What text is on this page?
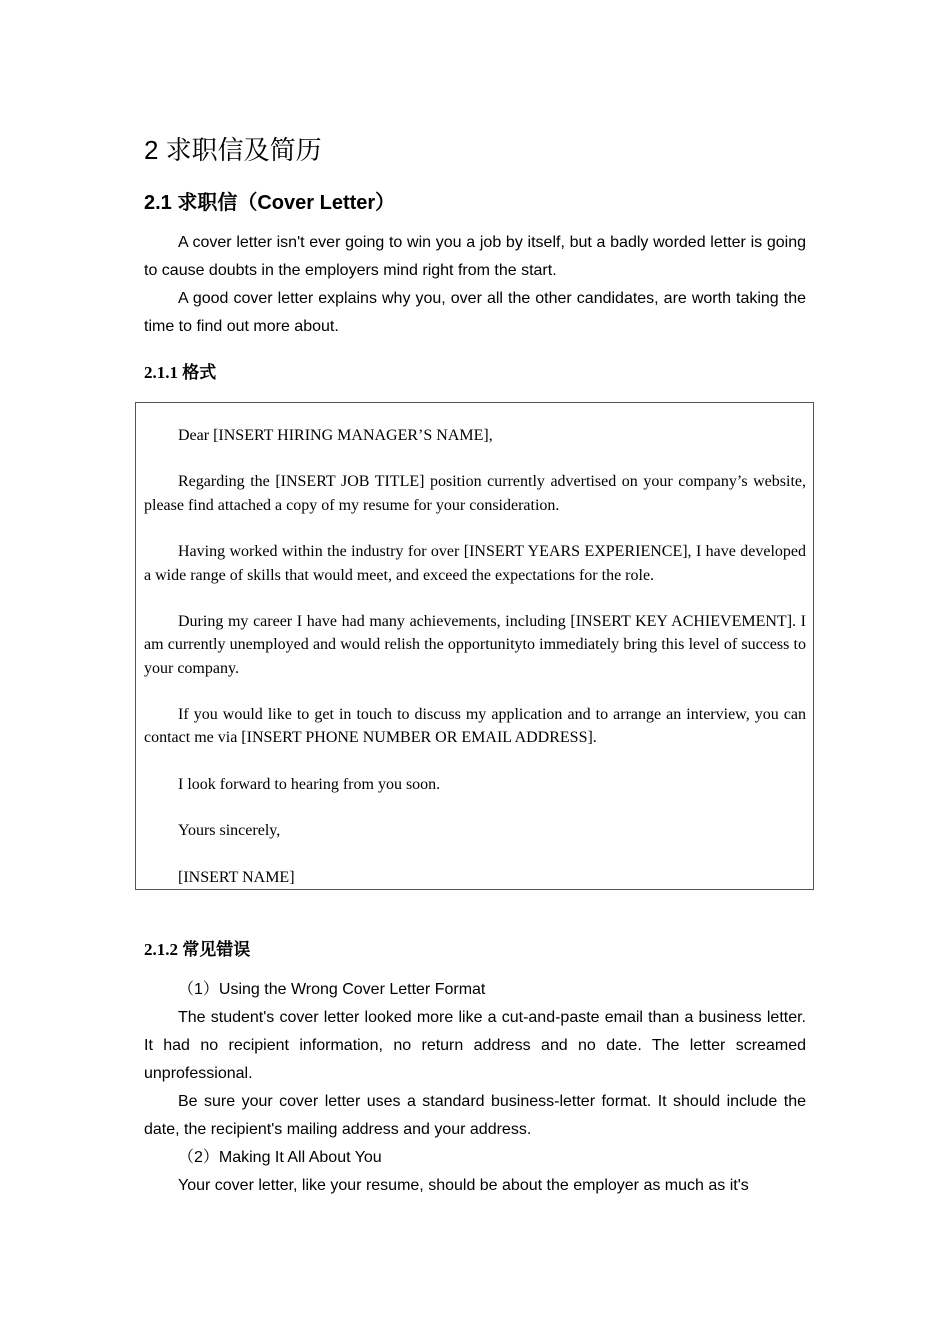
2 求职信及简历
2.1 求职信（Cover Letter）

A cover letter isn't ever going to win you a job by itself, but a badly worded letter is going to cause doubts in the employers mind right from the start.

A good cover letter explains why you, over all the other candidates, are worth taking the time to find out more about.

2.1.1 格式
2.1.2 常见错误

（1）Using the Wrong Cover Letter Format

The student's cover letter looked more like a cut-and-paste email than a business letter. It had no recipient information, no return address and no date. The letter screamed unprofessional.

Be sure your cover letter uses a standard business-letter format. It should include the date, the recipient's mailing address and your address.

（2）Making It All About You

Your cover letter, like your resume, should be about the employer as much as it's

Dear [INSERT HIRING MANAGER’S NAME],

Regarding the [INSERT JOB TITLE] position currently advertised on your company’s website, please find attached a copy of my resume for your consideration.

Having worked within the industry for over [INSERT YEARS EXPERIENCE], I have developed a wide range of skills that would meet, and exceed the expectations for the role.

During my career I have had many achievements, including [INSERT KEY ACHIEVEMENT]. I am currently unemployed and would relish the opportunityto immediately bring this level of success to your company.

If you would like to get in touch to discuss my application and to arrange an interview, you can contact me via [INSERT PHONE NUMBER OR EMAIL ADDRESS].

I look forward to hearing from you soon.

Yours sincerely,

[INSERT NAME]
